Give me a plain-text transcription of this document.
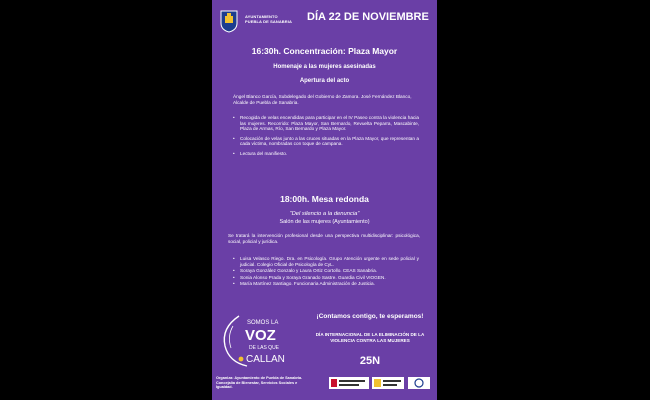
AYUNTAMIENTO
PUEBLA DE SANABRIA DÍA 22 DE NOVIEMBRE
16:30h. Concentración: Plaza Mayor
Homenaje a las mujeres asesinadas
Apertura del acto
Ángel Blanco García, Subdelegado del Gobierno de Zamora. José Fernández Blanco, Alcalde de Puebla de Sanabria.
• Recogida de velas encendidas para participar en el IV Paseo contra la violencia hacia las mujeres. Recorrido: Plaza Mayor, San Bernardo, Revuelta Peparra, Mascabinte, Plaza de Armas, Río, San Bernardo y Plaza Mayor.
• Colocación de velas junto a las cruces situadas en la Plaza Mayor, que representan a cada víctima, nombradas con toque de campana.
• Lectura del manifiesto.
18:00h. Mesa redonda
“Del silencio a la denuncia”
Salón de las mujeres (Ayuntamiento)
Se tratará la intervención profesional desde una perspectiva multidisciplinar: psicológica, social, policial y jurídica.
• Luisa Velasco Riego. Dra. en Psicología. Grupo Atención urgente en sede policial y judicial. Colegio Oficial de Psicología de CyL.
• Soraya González Gonzalo y Laura Ortiz Cortollo. CEAS Sanabria.
• Sonia Alonso Prada y Soraya Granado Sastre. Guardia Civil VIOGEN.
• María Martínez Santiago. Funcionaria Administración de Justicia.
SOMOS LA
VOZ
DE LAS QUE
CALLAN
¡Contamos contigo, te esperamos!
DÍA INTERNACIONAL DE LA ELIMINACIÓN DE LA VIOLENCIA CONTRA LAS MUJERES
25N
Organiza: Ayuntamiento de Puebla de Sanabria. Concejalía de Bienestar, Servicios Sociales e Igualdad.
